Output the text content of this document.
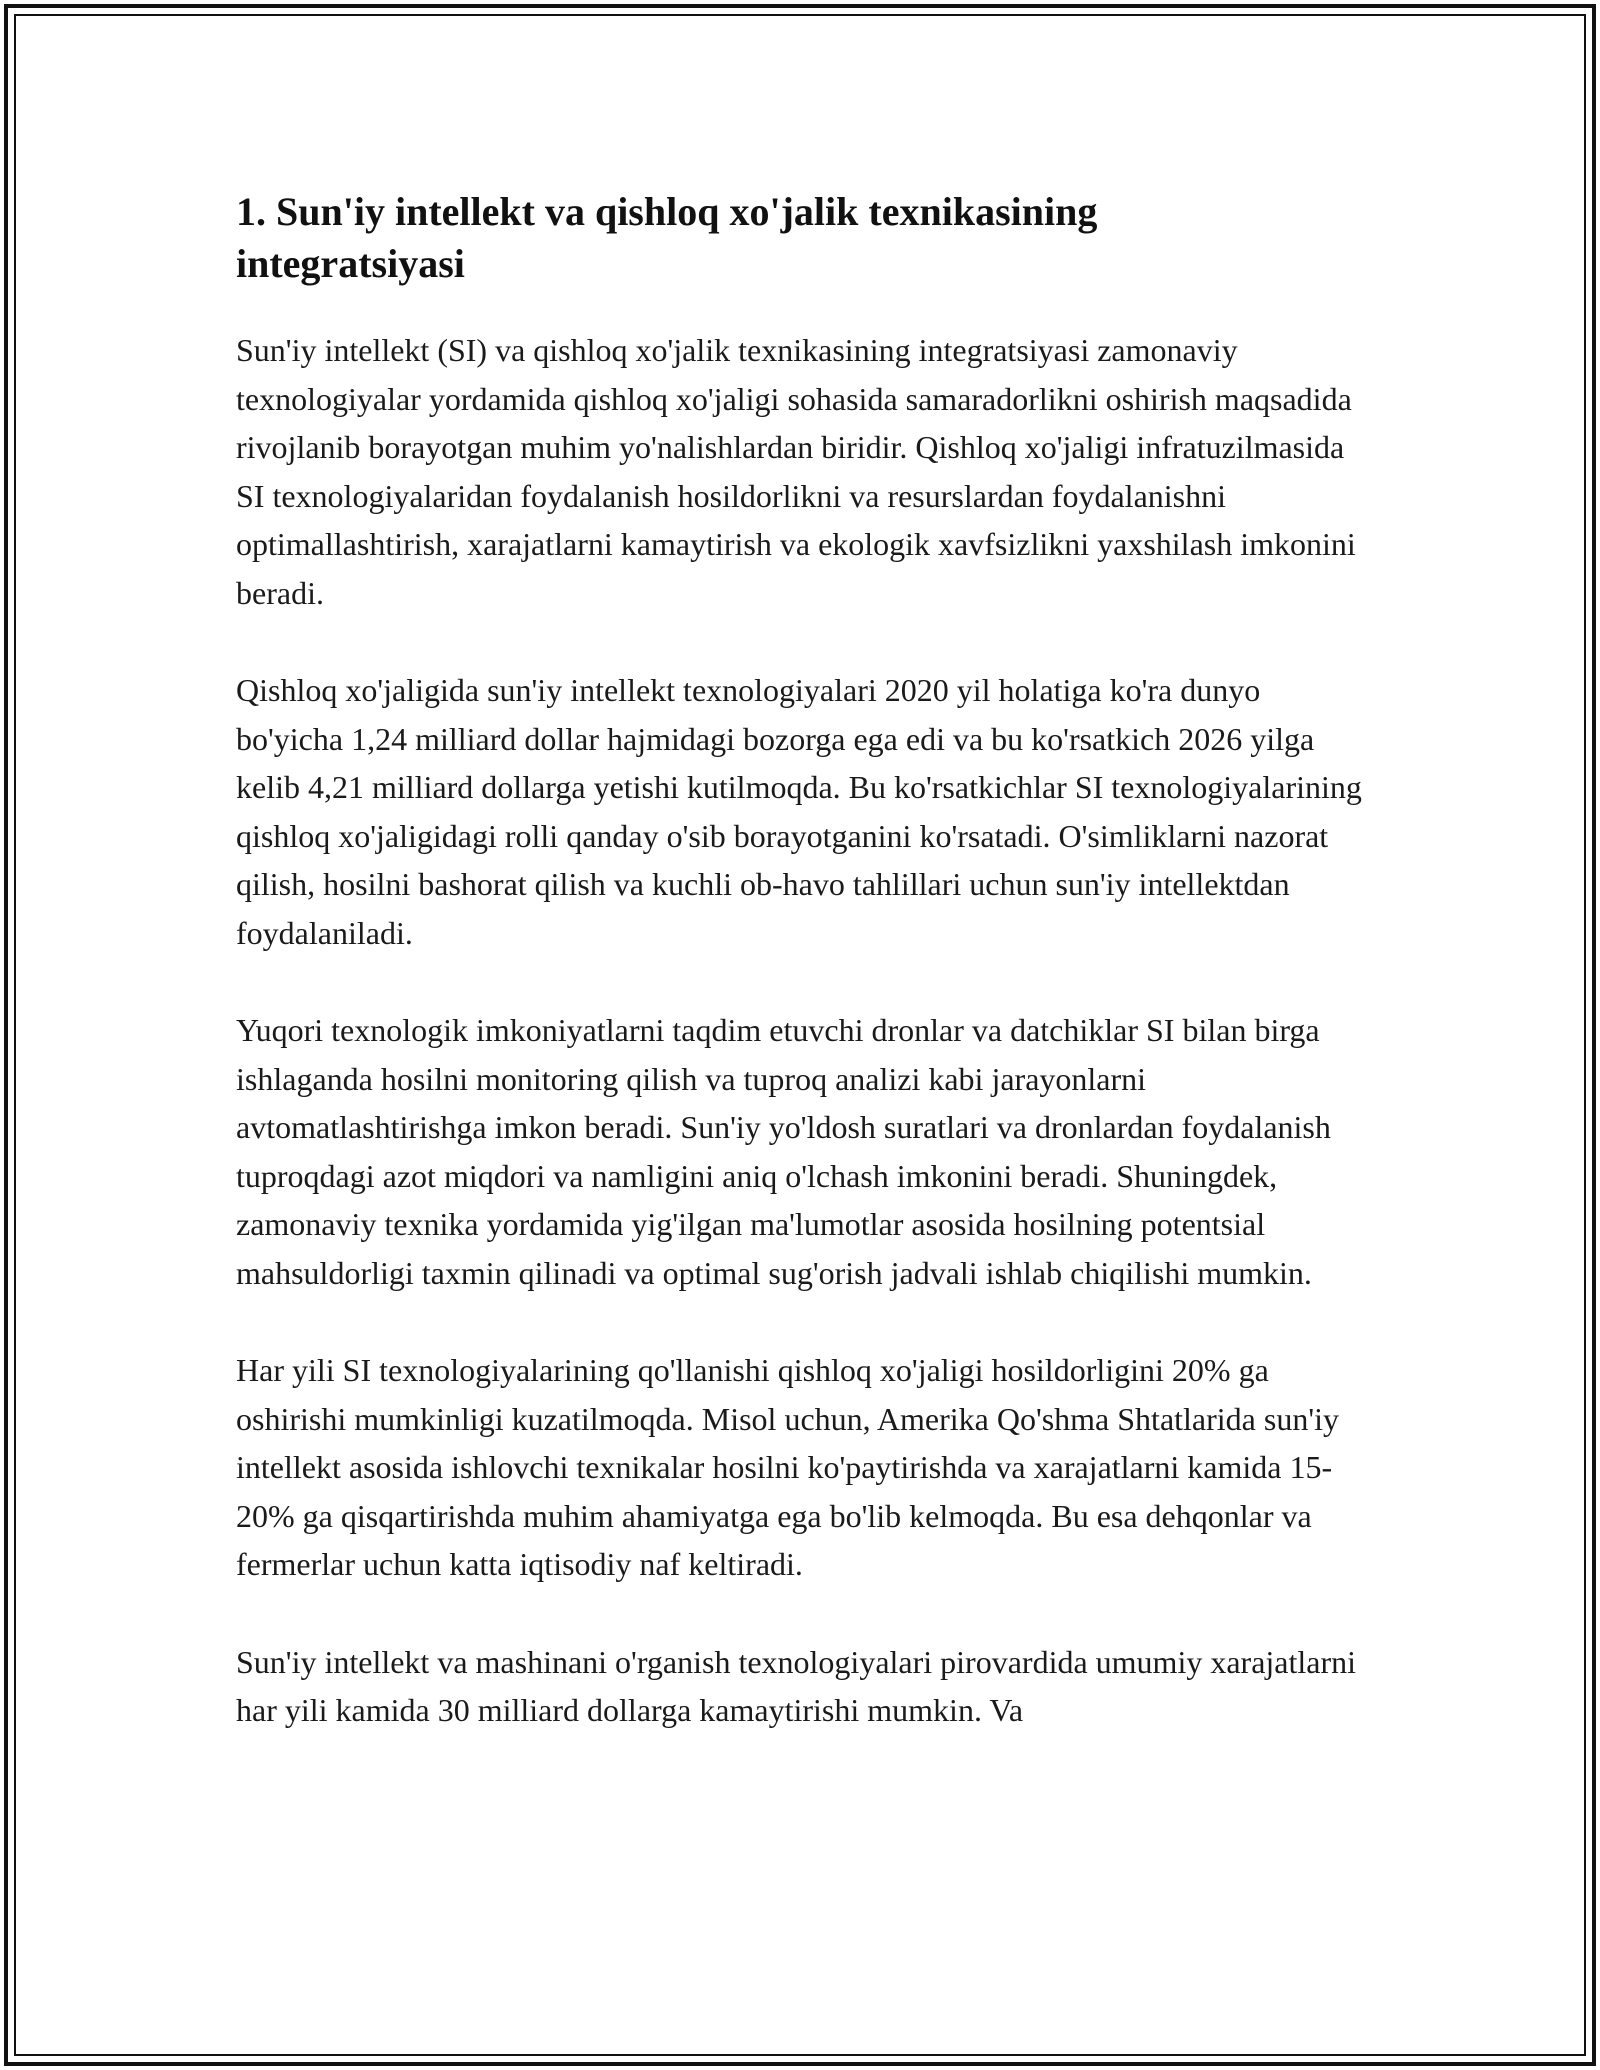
1. Sun'iy intellekt va qishloq xo'jalik texnikasining integratsiyasi

Sun'iy intellekt (SI) va qishloq xo'jalik texnikasining integratsiyasi zamonaviy texnologiyalar yordamida qishloq xo'jaligi sohasida samaradorlikni oshirish maqsadida rivojlanib borayotgan muhim yo'nalishlardan biridir. Qishloq xo'jaligi infratuzilmasida SI texnologiyalaridan foydalanish hosildorlikni va resurslardan foydalanishni optimallashtirish, xarajatlarni kamaytirish va ekologik xavfsizlikni yaxshilash imkonini beradi.

Qishloq xo'jaligida sun'iy intellekt texnologiyalari 2020 yil holatiga ko'ra dunyo bo'yicha 1,24 milliard dollar hajmidagi bozorga ega edi va bu ko'rsatkich 2026 yilga kelib 4,21 milliard dollarga yetishi kutilmoqda. Bu ko'rsatkichlar SI texnologiyalarining qishloq xo'jaligidagi rolli qanday o'sib borayotganini ko'rsatadi. O'simliklarni nazorat qilish, hosilni bashorat qilish va kuchli ob-havo tahlillari uchun sun'iy intellektdan foydalaniladi.

Yuqori texnologik imkoniyatlarni taqdim etuvchi dronlar va datchiklar SI bilan birga ishlaganda hosilni monitoring qilish va tuproq analizi kabi jarayonlarni avtomatlashtirishga imkon beradi. Sun'iy yo'ldosh suratlari va dronlardan foydalanish tuproqdagi azot miqdori va namligini aniq o'lchash imkonini beradi. Shuningdek, zamonaviy texnika yordamida yig'ilgan ma'lumotlar asosida hosilning potentsial mahsuldorligi taxmin qilinadi va optimal sug'orish jadvali ishlab chiqilishi mumkin.

Har yili SI texnologiyalarining qo'llanishi qishloq xo'jaligi hosildorligini 20% ga oshirishi mumkinligi kuzatilmoqda. Misol uchun, Amerika Qo'shma Shtatlarida sun'iy intellekt asosida ishlovchi texnikalar hosilni ko'paytirishda va xarajatlarni kamida 15-20% ga qisqartirishda muhim ahamiyatga ega bo'lib kelmoqda. Bu esa dehqonlar va fermerlar uchun katta iqtisodiy naf keltiradi.

Sun'iy intellekt va mashinani o'rganish texnologiyalari pirovardida umumiy xarajatlarni har yili kamida 30 milliard dollarga kamaytirishi mumkin. Va
